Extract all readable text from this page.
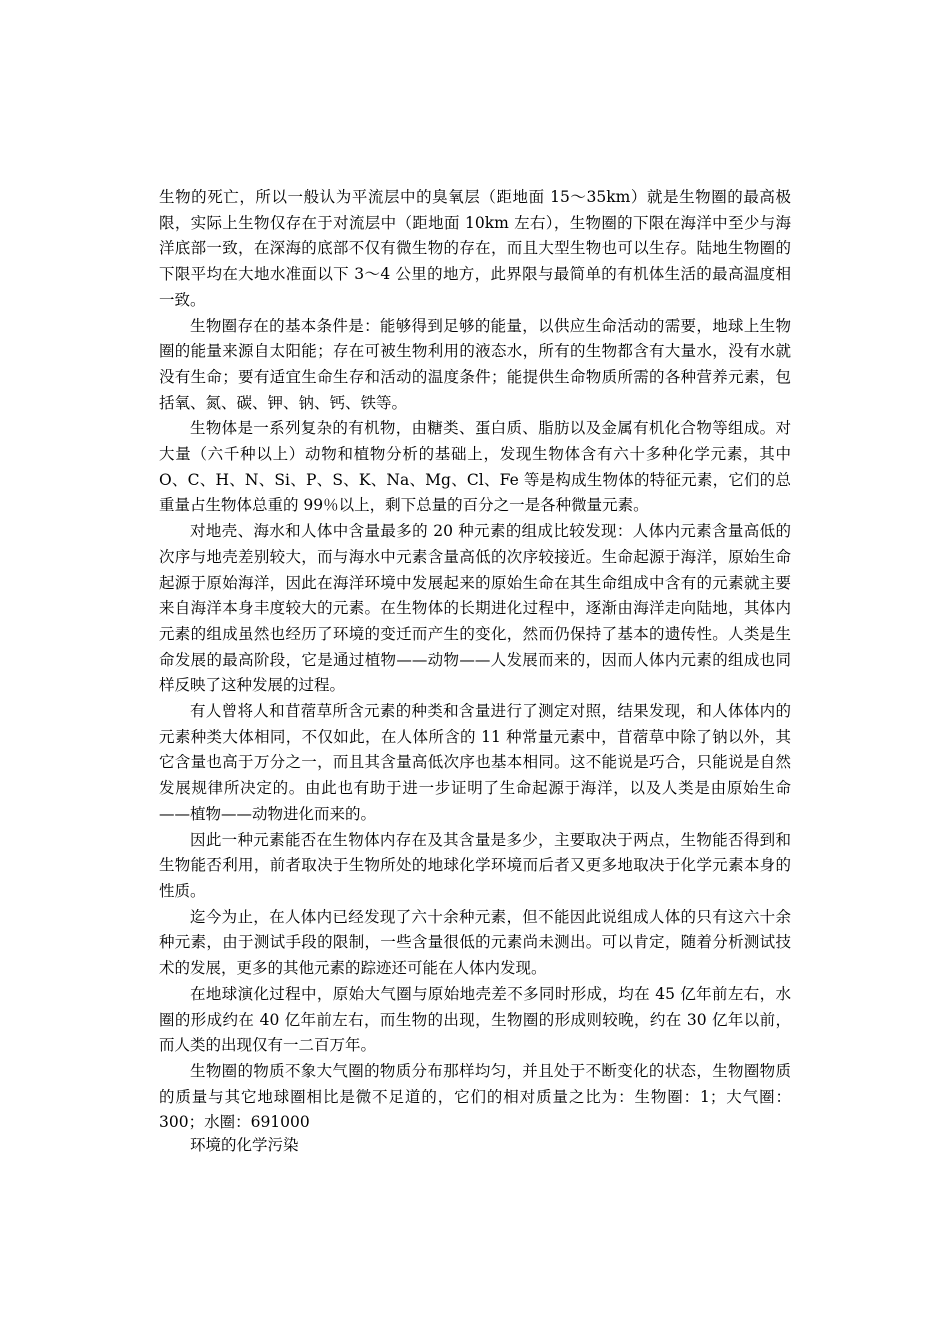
生物的死亡，所以一般认为平流层中的臭氧层（距地面 15～35km）就是生物圈的最高极限，实际上生物仅存在于对流层中（距地面 10km 左右），生物圈的下限在海洋中至少与海洋底部一致，在深海的底部不仅有微生物的存在，而且大型生物也可以生存。陆地生物圈的下限平均在大地水准面以下 3～4 公里的地方，此界限与最简单的有机体生活的最高温度相一致。

生物圈存在的基本条件是：能够得到足够的能量，以供应生命活动的需要，地球上生物圈的能量来源自太阳能；存在可被生物利用的液态水，所有的生物都含有大量水，没有水就没有生命；要有适宜生命生存和活动的温度条件；能提供生命物质所需的各种营养元素，包括氧、氮、碳、钾、钠、钙、铁等。

生物体是一系列复杂的有机物，由糖类、蛋白质、脂肪以及金属有机化合物等组成。对大量（六千种以上）动物和植物分析的基础上，发现生物体含有六十多种化学元素，其中 O、C、H、N、Si、P、S、K、Na、Mg、Cl、Fe 等是构成生物体的特征元素，它们的总重量占生物体总重的 99％以上，剩下总量的百分之一是各种微量元素。

对地壳、海水和人体中含量最多的 20 种元素的组成比较发现：人体内元素含量高低的次序与地壳差别较大，而与海水中元素含量高低的次序较接近。生命起源于海洋，原始生命起源于原始海洋，因此在海洋环境中发展起来的原始生命在其生命组成中含有的元素就主要来自海洋本身丰度较大的元素。在生物体的长期进化过程中，逐渐由海洋走向陆地，其体内元素的组成虽然也经历了环境的变迁而产生的变化，然而仍保持了基本的遗传性。人类是生命发展的最高阶段，它是通过植物——动物——人发展而来的，因而人体内元素的组成也同样反映了这种发展的过程。

有人曾将人和苜蓿草所含元素的种类和含量进行了测定对照，结果发现，和人体体内的元素种类大体相同，不仅如此，在人体所含的 11 种常量元素中，苜蓿草中除了钠以外，其它含量也高于万分之一，而且其含量高低次序也基本相同。这不能说是巧合，只能说是自然发展规律所决定的。由此也有助于进一步证明了生命起源于海洋，以及人类是由原始生命——植物——动物进化而来的。

因此一种元素能否在生物体内存在及其含量是多少，主要取决于两点，生物能否得到和生物能否利用，前者取决于生物所处的地球化学环境而后者又更多地取决于化学元素本身的性质。

迄今为止，在人体内已经发现了六十余种元素，但不能因此说组成人体的只有这六十余种元素，由于测试手段的限制，一些含量很低的元素尚未测出。可以肯定，随着分析测试技术的发展，更多的其他元素的踪迹还可能在人体内发现。

在地球演化过程中，原始大气圈与原始地壳差不多同时形成，均在 45 亿年前左右，水圈的形成约在 40 亿年前左右，而生物的出现，生物圈的形成则较晚，约在 30 亿年以前，而人类的出现仅有一二百万年。

生物圈的物质不象大气圈的物质分布那样均匀，并且处于不断变化的状态，生物圈物质的质量与其它地球圈相比是微不足道的，它们的相对质量之比为：生物圈：1；大气圈：300；水圈：691000

环境的化学污染
